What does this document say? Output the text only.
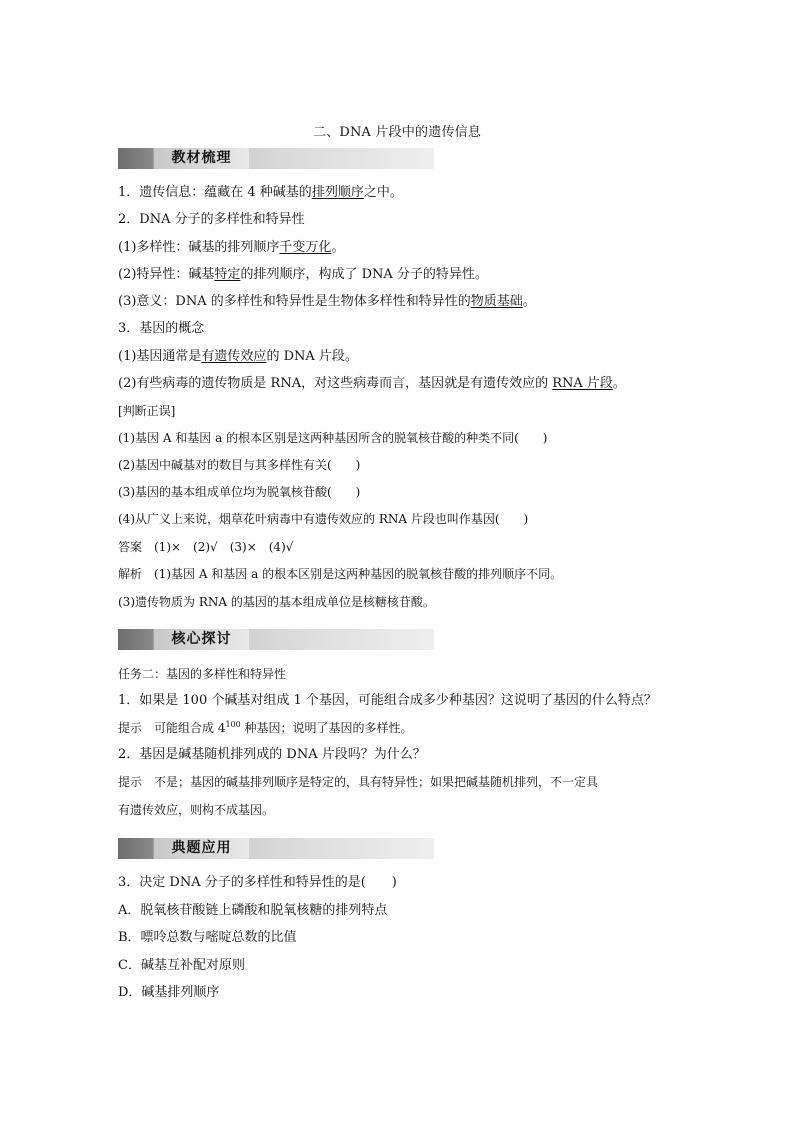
二、DNA 片段中的遗传信息
教材梳理
1．遗传信息：蕴藏在 4 种碱基的排列顺序之中。
2．DNA 分子的多样性和特异性
(1)多样性：碱基的排列顺序千变万化。
(2)特异性：碱基特定的排列顺序，构成了 DNA 分子的特异性。
(3)意义：DNA 的多样性和特异性是生物体多样性和特异性的物质基础。
3．基因的概念
(1)基因通常是有遗传效应的 DNA 片段。
(2)有些病毒的遗传物质是 RNA，对这些病毒而言，基因就是有遗传效应的 RNA 片段。
[判断正误]
(1)基因 A 和基因 a 的根本区别是这两种基因所含的脱氧核苷酸的种类不同(　　)
(2)基因中碱基对的数目与其多样性有关(　　)
(3)基因的基本组成单位均为脱氧核苷酸(　　)
(4)从广义上来说，烟草花叶病毒中有遗传效应的 RNA 片段也叫作基因(　　)
答案　(1)×　(2)√　(3)×　(4)√
解析　(1)基因 A 和基因 a 的根本区别是这两种基因的脱氧核苷酸的排列顺序不同。
(3)遗传物质为 RNA 的基因的基本组成单位是核糖核苷酸。
核心探讨
任务二：基因的多样性和特异性
1．如果是 100 个碱基对组成 1 个基因，可能组合成多少种基因？这说明了基因的什么特点？
提示　可能组合成 $4^{100}$ 种基因；说明了基因的多样性。
2．基因是碱基随机排列成的 DNA 片段吗？为什么？
提示　不是；基因的碱基排列顺序是特定的，具有特异性；如果把碱基随机排列，不一定具
有遗传效应，则构不成基因。
典题应用
3．决定 DNA 分子的多样性和特异性的是(　　)
A．脱氧核苷酸链上磷酸和脱氧核糖的排列特点
B．嘌呤总数与嘧啶总数的比值
C．碱基互补配对原则
D．碱基排列顺序
